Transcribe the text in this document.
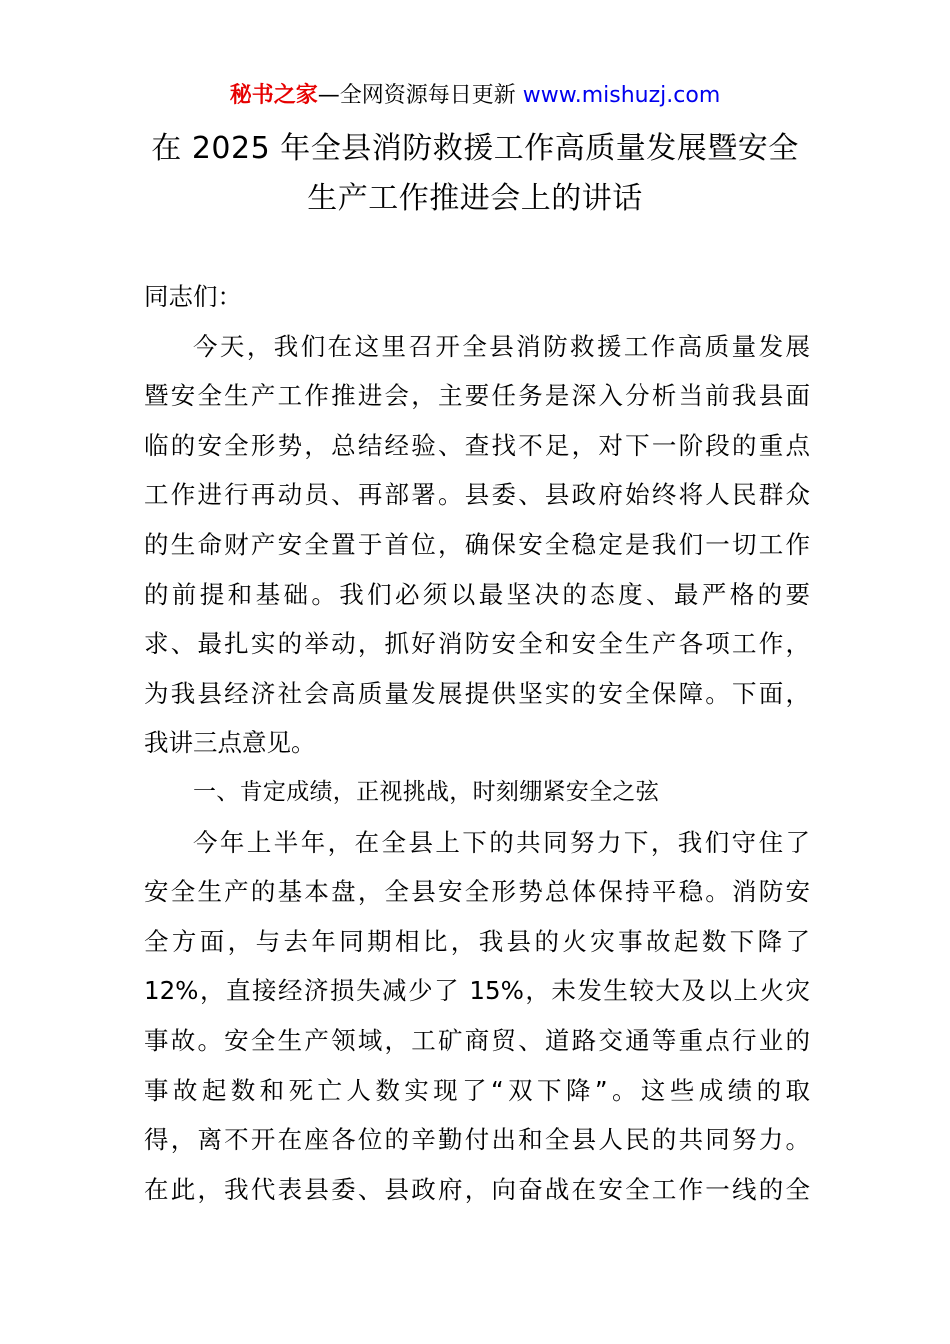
秘书之家—全网资源每日更新 www.mishuzj.com
在 2025 年全县消防救援工作高质量发展暨安全
生产工作推进会上的讲话
同志们：
今天，我们在这里召开全县消防救援工作高质量发展
暨安全生产工作推进会，主要任务是深入分析当前我县面
临的安全形势，总结经验、查找不足，对下一阶段的重点
工作进行再动员、再部署。县委、县政府始终将人民群众
的生命财产安全置于首位，确保安全稳定是我们一切工作
的前提和基础。我们必须以最坚决的态度、最严格的要
求、最扎实的举动，抓好消防安全和安全生产各项工作，
为我县经济社会高质量发展提供坚实的安全保障。下面，
我讲三点意见。
一、肯定成绩，正视挑战，时刻绷紧安全之弦
今年上半年，在全县上下的共同努力下，我们守住了
安全生产的基本盘，全县安全形势总体保持平稳。消防安
全方面，与去年同期相比，我县的火灾事故起数下降了
12%，直接经济损失减少了 15%，未发生较大及以上火灾
事故。安全生产领域，工矿商贸、道路交通等重点行业的
事故起数和死亡人数实现了“双下降”。这些成绩的取
得，离不开在座各位的辛勤付出和全县人民的共同努力。
在此，我代表县委、县政府，向奋战在安全工作一线的全
